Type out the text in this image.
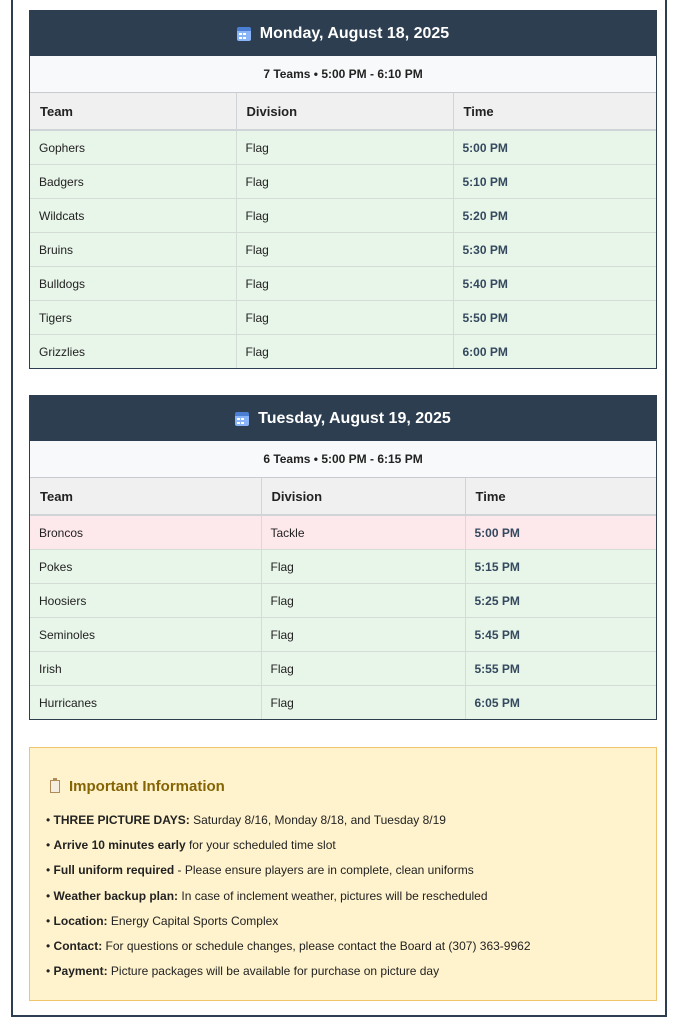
Monday, August 18, 2025
7 Teams • 5:00 PM - 6:10 PM
Team	Division	Time
Gophers	Flag	5:00 PM
Badgers	Flag	5:10 PM
Wildcats	Flag	5:20 PM
Bruins	Flag	5:30 PM
Bulldogs	Flag	5:40 PM
Tigers	Flag	5:50 PM
Grizzlies	Flag	6:00 PM
Tuesday, August 19, 2025
6 Teams • 5:00 PM - 6:15 PM
Team	Division	Time
Broncos	Tackle	5:00 PM
Pokes	Flag	5:15 PM
Hoosiers	Flag	5:25 PM
Seminoles	Flag	5:45 PM
Irish	Flag	5:55 PM
Hurricanes	Flag	6:05 PM
Important Information
• THREE PICTURE DAYS: Saturday 8/16, Monday 8/18, and Tuesday 8/19
• Arrive 10 minutes early for your scheduled time slot
• Full uniform required - Please ensure players are in complete, clean uniforms
• Weather backup plan: In case of inclement weather, pictures will be rescheduled
• Location: Energy Capital Sports Complex
• Contact: For questions or schedule changes, please contact the Board at (307) 363-9962
• Payment: Picture packages will be available for purchase on picture day
